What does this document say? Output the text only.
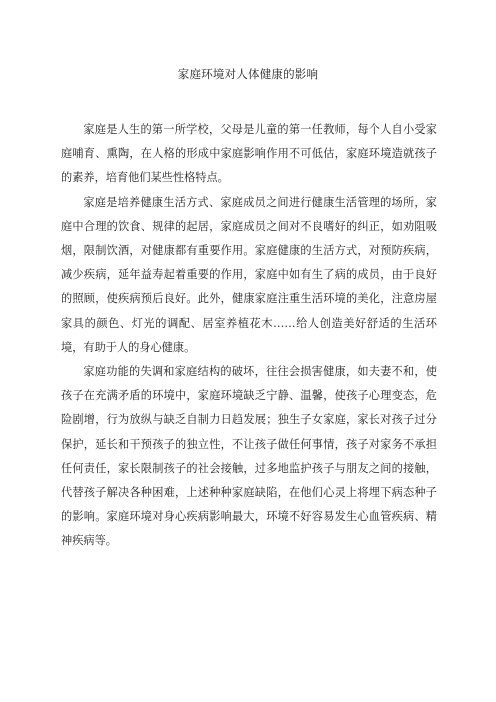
家庭环境对人体健康的影响

家庭是人生的第一所学校，父母是儿童的第一任教师，每个人自小受家庭哺育、熏陶，在人格的形成中家庭影响作用不可低估，家庭环境造就孩子的素养，培育他们某些性格特点。

家庭是培养健康生活方式、家庭成员之间进行健康生活管理的场所，家庭中合理的饮食、规律的起居，家庭成员之间对不良嗜好的纠正，如劝阻吸烟，限制饮酒，对健康都有重要作用。家庭健康的生活方式，对预防疾病，减少疾病，延年益寿起着重要的作用，家庭中如有生了病的成员，由于良好的照顾，使疾病预后良好。此外，健康家庭注重生活环境的美化，注意房屋家具的颜色、灯光的调配、居室养植花木……给人创造美好舒适的生活环境，有助于人的身心健康。

家庭功能的失调和家庭结构的破坏，往往会损害健康，如夫妻不和，使孩子在充满矛盾的环境中，家庭环境缺乏宁静、温馨，使孩子心理变态，危险剧增，行为放纵与缺乏自制力日趋发展；独生子女家庭，家长对孩子过分保护，延长和干预孩子的独立性，不让孩子做任何事情，孩子对家务不承担任何责任，家长限制孩子的社会接触，过多地监护孩子与朋友之间的接触，代替孩子解决各种困难，上述种种家庭缺陷，在他们心灵上将埋下病态种子的影响。家庭环境对身心疾病影响最大，环境不好容易发生心血管疾病、精神疾病等。
